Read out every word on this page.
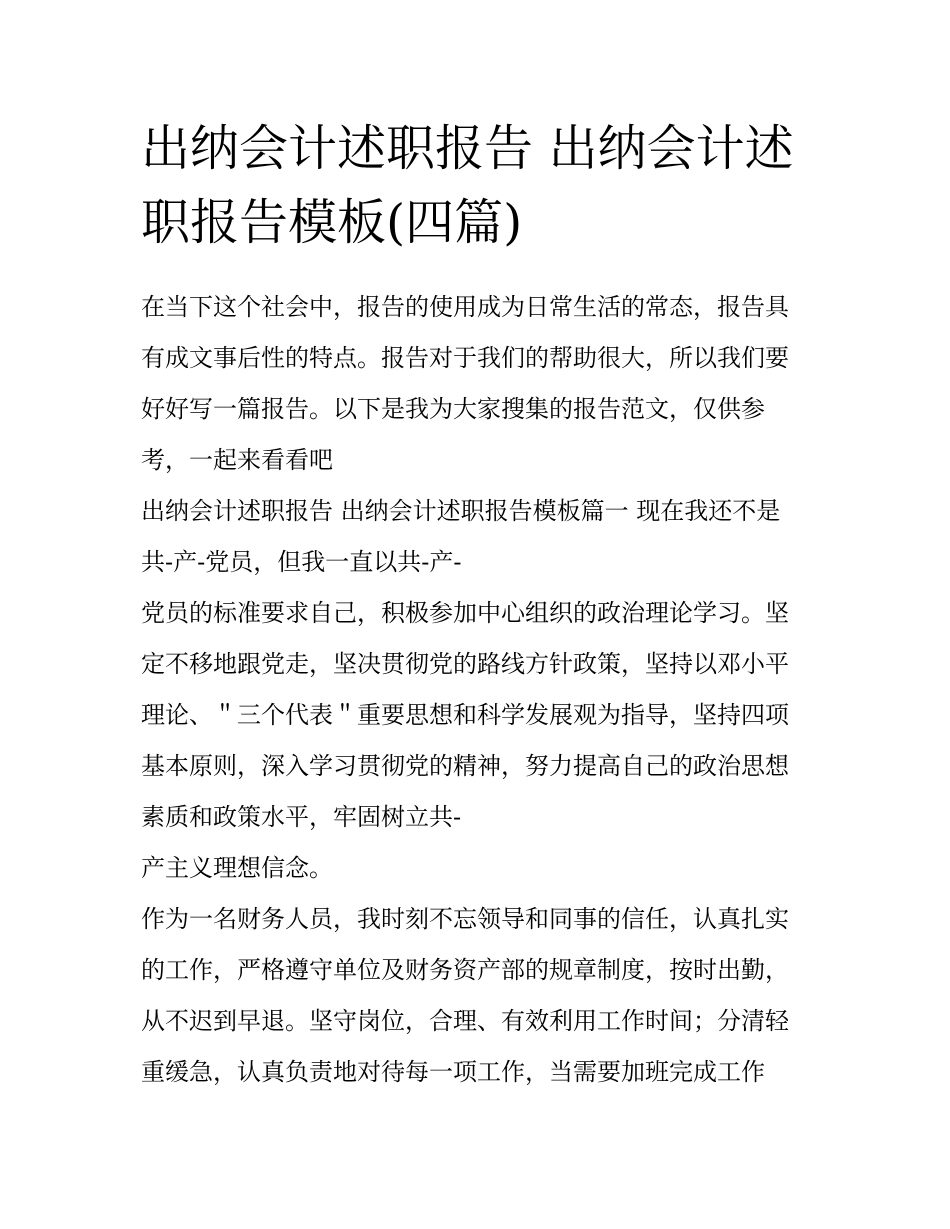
出纳会计述职报告 出纳会计述
职报告模板(四篇)
在当下这个社会中，报告的使用成为日常生活的常态，报告具
有成文事后性的特点。报告对于我们的帮助很大，所以我们要
好好写一篇报告。以下是我为大家搜集的报告范文，仅供参
考，一起来看看吧
出纳会计述职报告 出纳会计述职报告模板篇一 现在我还不是
共-产-党员，但我一直以共-产-
党员的标准要求自己，积极参加中心组织的政治理论学习。坚
定不移地跟党走，坚决贯彻党的路线方针政策，坚持以邓小平
理论、＂三个代表＂重要思想和科学发展观为指导，坚持四项
基本原则，深入学习贯彻党的精神，努力提高自己的政治思想
素质和政策水平，牢固树立共-
产主义理想信念。
作为一名财务人员，我时刻不忘领导和同事的信任，认真扎实
的工作，严格遵守单位及财务资产部的规章制度，按时出勤，
从不迟到早退。坚守岗位，合理、有效利用工作时间；分清轻
重缓急，认真负责地对待每一项工作，当需要加班完成工作
